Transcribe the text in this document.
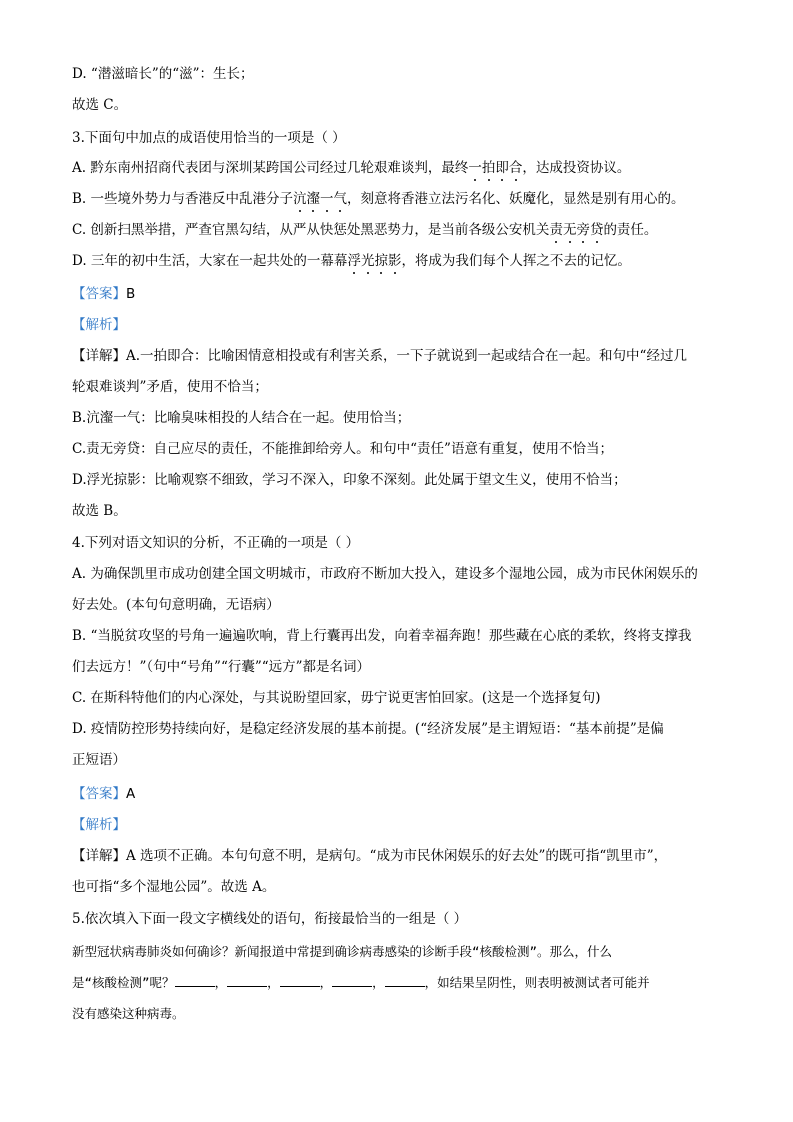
D. “潜滋暗长”的“滋”：生长；
故选 C。
3.下面句中加点的成语使用恰当的一项是（ ）
A. 黔东南州招商代表团与深圳某跨国公司经过几轮艰难谈判，最终一拍即合，达成投资协议。
B. 一些境外势力与香港反中乱港分子沆瀣一气，刻意将香港立法污名化、妖魔化，显然是别有用心的。
C. 创新扫黑举措，严查官黑勾结，从严从快惩处黑恶势力，是当前各级公安机关责无旁贷的责任。
D. 三年的初中生活，大家在一起共处的一幕幕浮光掠影，将成为我们每个人挥之不去的记忆。
【答案】B
【解析】
【详解】A.一拍即合：比喻困情意相投或有利害关系，一下子就说到一起或结合在一起。和句中“经过几
轮艰难谈判”矛盾，使用不恰当；
B.沆瀣一气：比喻臭味相投的人结合在一起。使用恰当；
C.责无旁贷：自己应尽的责任，不能推卸给旁人。和句中“责任”语意有重复，使用不恰当；
D.浮光掠影：比喻观察不细致，学习不深入，印象不深刻。此处属于望文生义，使用不恰当；
故选 B。
4.下列对语文知识的分析，不正确的一项是（ ）
A. 为确保凯里市成功创建全国文明城市，市政府不断加大投入，建设多个湿地公园，成为市民休闲娱乐的
好去处。(本句句意明确，无语病）
B. “当脱贫攻坚的号角一遍遍吹响，背上行囊再出发，向着幸福奔跑！那些藏在心底的柔软，终将支撑我
们去远方！”（句中“号角”“行囊”“远方”都是名词）
C. 在斯科特他们的内心深处，与其说盼望回家，毋宁说更害怕回家。(这是一个选择复句)
D. 疫情防控形势持续向好，是稳定经济发展的基本前提。(“经济发展”是主谓短语：“基本前提”是偏
正短语）
【答案】A
【解析】
【详解】A 选项不正确。本句句意不明，是病句。“成为市民休闲娱乐的好去处”的既可指“凯里市”，
也可指“多个湿地公园”。故选 A。
5.依次填入下面一段文字横线处的语句，衔接最恰当的一组是（ ）
新型冠状病毒肺炎如何确诊？新闻报道中常提到确诊病毒感染的诊断手段“核酸检测”。那么，什么
是“核酸检测”呢？	，	，	，	，	，如结果呈阴性，则表明被测试者可能并
没有感染这种病毒。
